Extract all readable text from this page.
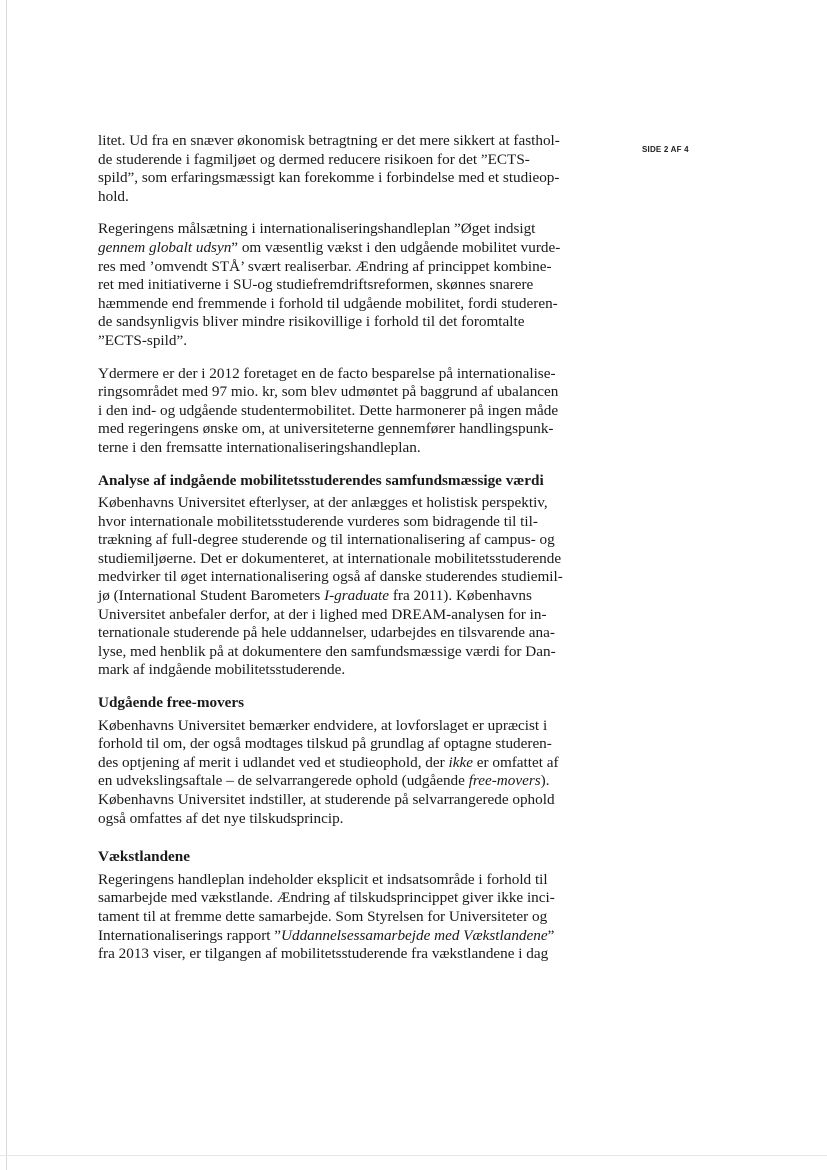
SIDE 2 AF 4

litet. Ud fra en snæver økonomisk betragtning er det mere sikkert at fasthol-
de studerende i fagmiljøet og dermed reducere risikoen for det ”ECTS-
spild”, som erfaringsmæssigt kan forekomme i forbindelse med et studieop-
hold.

Regeringens målsætning i internationaliseringshandleplan ”Øget indsigt
gennem globalt udsyn” om væsentlig vækst i den udgående mobilitet vurde-
res med ’omvendt STÅ’ svært realiserbar. Ændring af princippet kombine-
ret med initiativerne i SU-og studiefremdriftsreformen, skønnes snarere
hæmmende end fremmende i forhold til udgående mobilitet, fordi studeren-
de sandsynligvis bliver mindre risikovillige i forhold til det foromtalte
”ECTS-spild”.

Ydermere er der i 2012 foretaget en de facto besparelse på internationalise-
ringsområdet med 97 mio. kr, som blev udmøntet på baggrund af ubalancen
i den ind- og udgående studentermobilitet. Dette harmonerer på ingen måde
med regeringens ønske om, at universiteterne gennemfører handlingspunk-
terne i den fremsatte internationaliseringshandleplan.

Analyse af indgående mobilitetsstuderendes samfundsmæssige værdi

Københavns Universitet efterlyser, at der anlægges et holistisk perspektiv,
hvor internationale mobilitetsstuderende vurderes som bidragende til til-
trækning af full-degree studerende og til internationalisering af campus- og
studiemiljøerne. Det er dokumenteret, at internationale mobilitetsstuderende
medvirker til øget internationalisering også af danske studerendes studiemil-
jø (International Student Barometers I-graduate fra 2011). Københavns
Universitet anbefaler derfor, at der i lighed med DREAM-analysen for in-
ternationale studerende på hele uddannelser, udarbejdes en tilsvarende ana-
lyse, med henblik på at dokumentere den samfundsmæssige værdi for Dan-
mark af indgående mobilitetsstuderende.

Udgående free-movers

Københavns Universitet bemærker endvidere, at lovforslaget er upræcist i
forhold til om, der også modtages tilskud på grundlag af optagne studeren-
des optjening af merit i udlandet ved et studieophold, der ikke er omfattet af
en udvekslingsaftale – de selvarrangerede ophold (udgående free-movers).
Københavns Universitet indstiller, at studerende på selvarrangerede ophold
også omfattes af det nye tilskudsprincip.

Vækstlandene

Regeringens handleplan indeholder eksplicit et indsatsområde i forhold til
samarbejde med vækstlande. Ændring af tilskudsprincippet giver ikke inci-
tament til at fremme dette samarbejde. Som Styrelsen for Universiteter og
Internationaliserings rapport ”Uddannelsessamarbejde med Vækstlandene”
fra 2013 viser, er tilgangen af mobilitetsstuderende fra vækstlandene i dag
